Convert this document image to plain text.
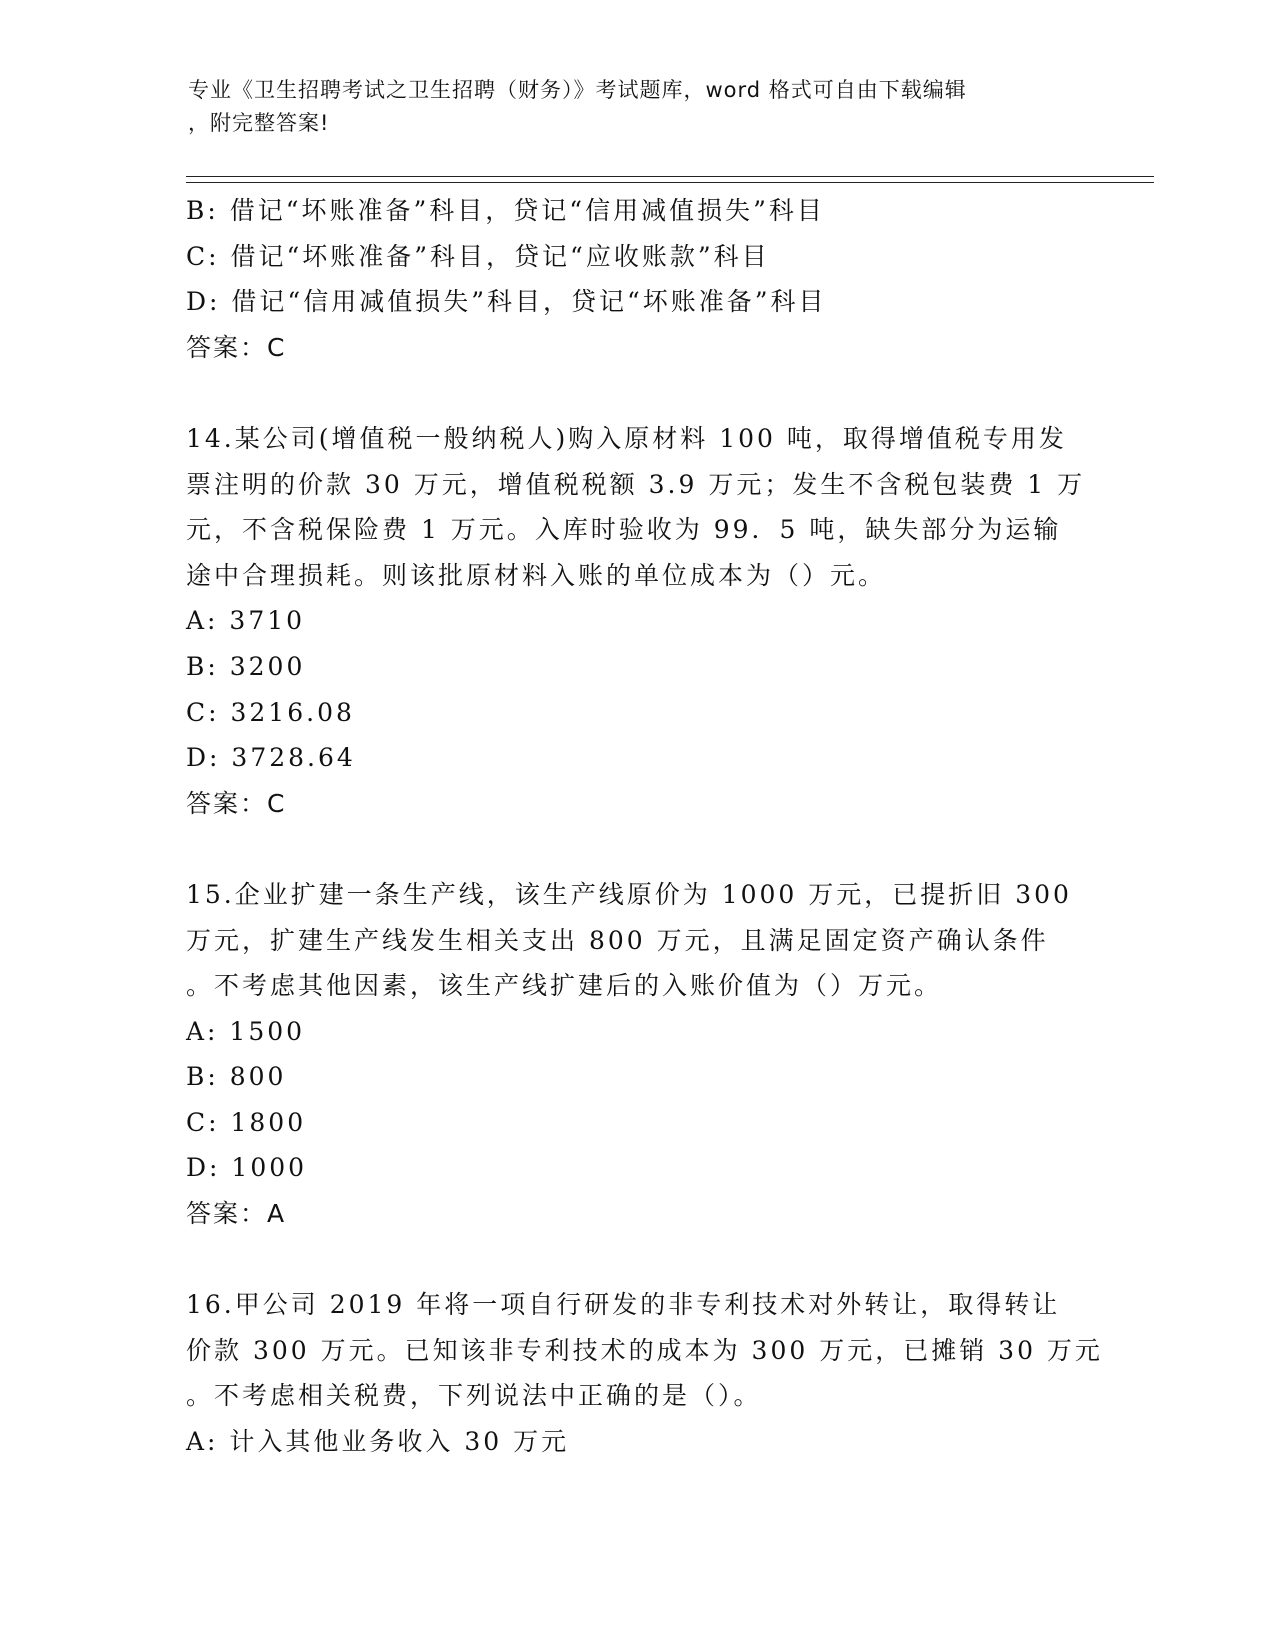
专业《卫生招聘考试之卫生招聘（财务）》考试题库，word 格式可自由下载编辑
，附完整答案!
B: 借记“坏账准备”科目，贷记“信用减值损失”科目
C: 借记“坏账准备”科目，贷记“应收账款”科目
D: 借记“信用减值损失”科目，贷记“坏账准备”科目
答案：C
14.某公司(增值税一般纳税人)购入原材料 100 吨，取得增值税专用发
票注明的价款 30 万元，增值税税额 3.9 万元；发生不含税包装费 1 万
元，不含税保险费 1 万元。入库时验收为 99．5 吨，缺失部分为运输
途中合理损耗。则该批原材料入账的单位成本为（）元。
A: 3710
B: 3200
C: 3216.08
D: 3728.64
答案：C
15.企业扩建一条生产线，该生产线原价为 1000 万元，已提折旧 300
万元，扩建生产线发生相关支出 800 万元，且满足固定资产确认条件
。不考虑其他因素，该生产线扩建后的入账价值为（）万元。
A: 1500
B: 800
C: 1800
D: 1000
答案：A
16.甲公司 2019 年将一项自行研发的非专利技术对外转让，取得转让
价款 300 万元。已知该非专利技术的成本为 300 万元，已摊销 30 万元
。不考虑相关税费，下列说法中正确的是（）。
A: 计入其他业务收入 30 万元
